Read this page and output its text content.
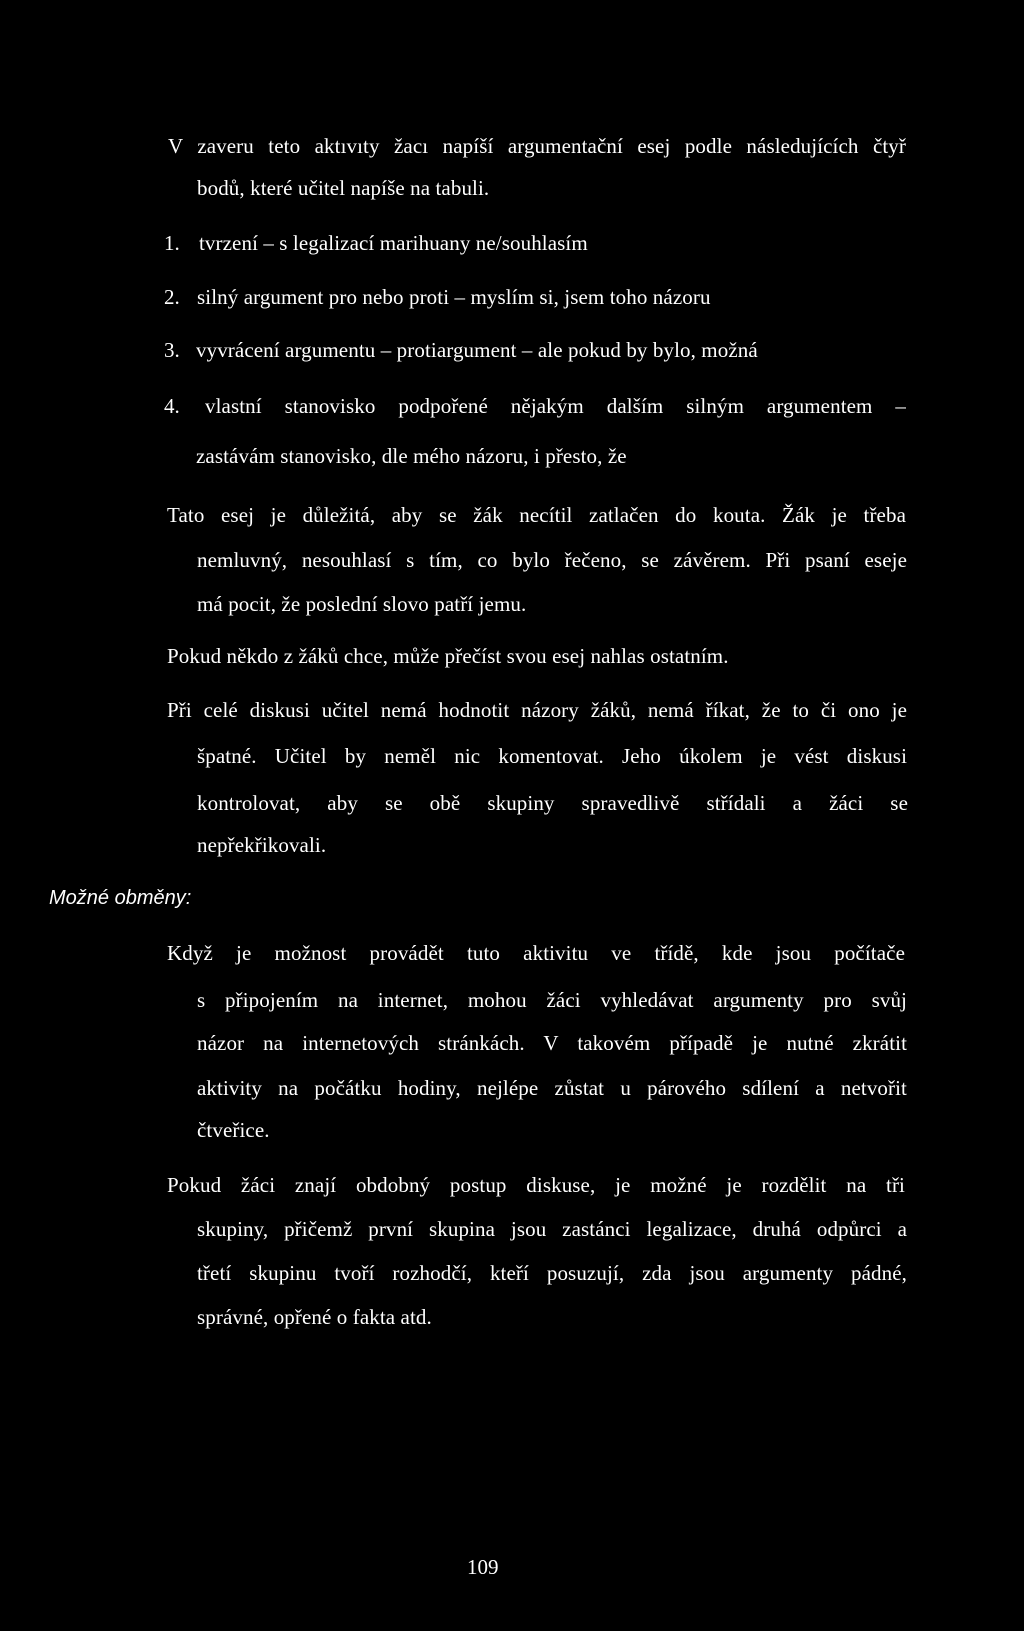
V zaveru teto aktıvıty žacı napíší argumentační esej podle následujících čtyř
bodů, které učitel napíše na tabuli.
1. tvrzení – s legalizací marihuany ne/souhlasím
2. silný argument pro nebo proti – myslím si, jsem toho názoru
3. vyvrácení argumentu – protiargument – ale pokud by bylo, možná
4. vlastní stanovisko podpořené nějakým dalším silným argumentem –
zastávám stanovisko, dle mého názoru, i přesto, že
Tato esej je důležitá, aby se žák necítil zatlačen do kouta. Žák je třeba
nemluvný, nesouhlasí s tím, co bylo řečeno, se závěrem. Při psaní eseje
má pocit, že poslední slovo patří jemu.
Pokud někdo z žáků chce, může přečíst svou esej nahlas ostatním.
Při celé diskusi učitel nemá hodnotit názory žáků, nemá říkat, že to či ono je
špatné. Učitel by neměl nic komentovat. Jeho úkolem je vést diskusi
kontrolovat, aby se obě skupiny spravedlivě střídali a žáci se
nepřekřikovali.
Možné obměny:
Když je možnost provádět tuto aktivitu ve třídě, kde jsou počítače
s připojením na internet, mohou žáci vyhledávat argumenty pro svůj
názor na internetových stránkách. V takovém případě je nutné zkrátit
aktivity na počátku hodiny, nejlépe zůstat u párového sdílení a netvořit
čtveřice.
Pokud žáci znají obdobný postup diskuse, je možné je rozdělit na tři
skupiny, přičemž první skupina jsou zastánci legalizace, druhá odpůrci a
třetí skupinu tvoří rozhodčí, kteří posuzují, zda jsou argumenty pádné,
správné, opřené o fakta atd.
109
